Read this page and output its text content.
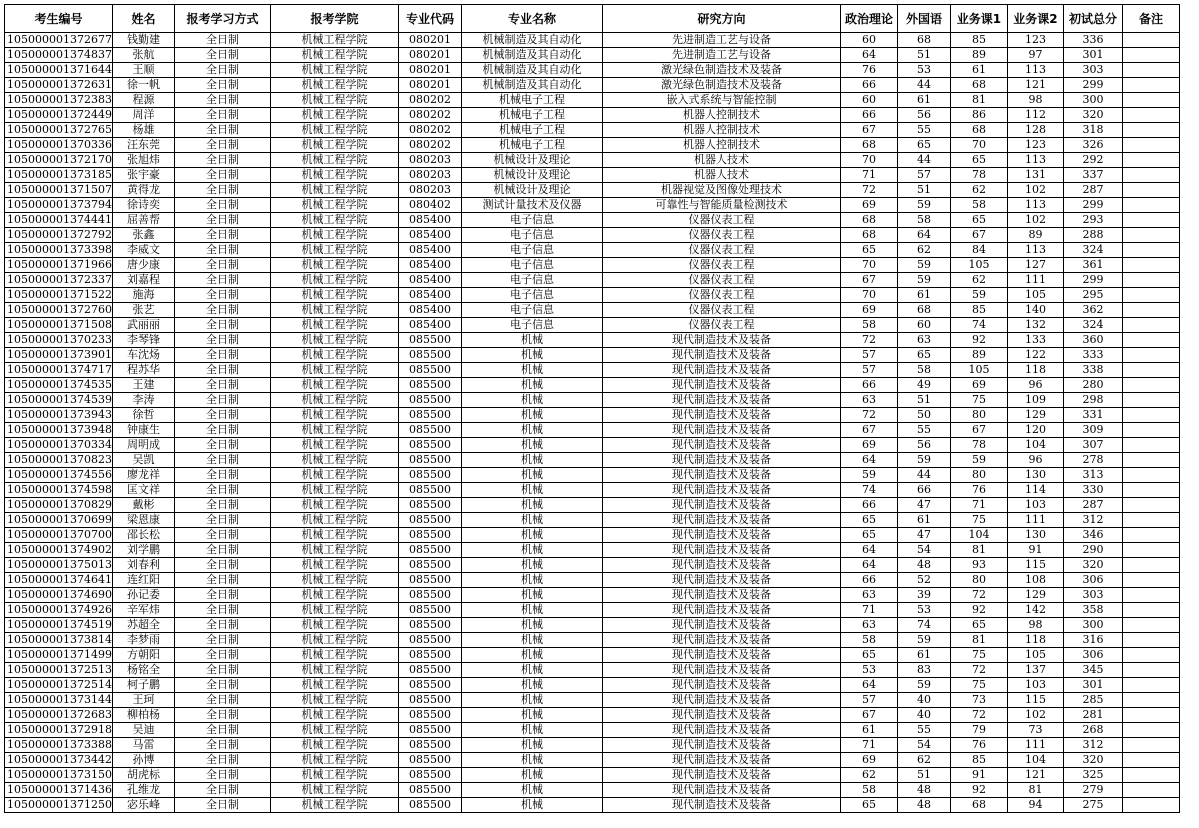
考生编号	姓名	报考学习方式	报考学院	专业代码	专业名称	研究方向	政治理论	外国语	业务课1	业务课2	初试总分	备注
105000001372677	钱勤建	全日制	机械工程学院	080201	机械制造及其自动化	先进制造工艺与设备	60	68	85	123	336	
105000001374837	张航	全日制	机械工程学院	080201	机械制造及其自动化	先进制造工艺与设备	64	51	89	97	301	
105000001371644	王顺	全日制	机械工程学院	080201	机械制造及其自动化	激光绿色制造技术及装备	76	53	61	113	303	
105000001372631	徐一帆	全日制	机械工程学院	080201	机械制造及其自动化	激光绿色制造技术及装备	66	44	68	121	299	
105000001372383	程源	全日制	机械工程学院	080202	机械电子工程	嵌入式系统与智能控制	60	61	81	98	300	
105000001372449	周洋	全日制	机械工程学院	080202	机械电子工程	机器人控制技术	66	56	86	112	320	
105000001372765	杨雄	全日制	机械工程学院	080202	机械电子工程	机器人控制技术	67	55	68	128	318	
105000001370336	汪东莞	全日制	机械工程学院	080202	机械电子工程	机器人控制技术	68	65	70	123	326	
105000001372170	张旭炜	全日制	机械工程学院	080203	机械设计及理论	机器人技术	70	44	65	113	292	
105000001373185	张宇豪	全日制	机械工程学院	080203	机械设计及理论	机器人技术	71	57	78	131	337	
105000001371507	黄得龙	全日制	机械工程学院	080203	机械设计及理论	机器视觉及图像处理技术	72	51	62	102	287	
105000001373794	徐诗奕	全日制	机械工程学院	080402	测试计量技术及仪器	可靠性与智能质量检测技术	69	59	58	113	299	
105000001374441	屈善帮	全日制	机械工程学院	085400	电子信息	仪器仪表工程	68	58	65	102	293	
105000001372792	张鑫	全日制	机械工程学院	085400	电子信息	仪器仪表工程	68	64	67	89	288	
105000001373398	李威文	全日制	机械工程学院	085400	电子信息	仪器仪表工程	65	62	84	113	324	
105000001371966	唐少康	全日制	机械工程学院	085400	电子信息	仪器仪表工程	70	59	105	127	361	
105000001372337	刘嘉程	全日制	机械工程学院	085400	电子信息	仪器仪表工程	67	59	62	111	299	
105000001371522	施海	全日制	机械工程学院	085400	电子信息	仪器仪表工程	70	61	59	105	295	
105000001372760	张艺	全日制	机械工程学院	085400	电子信息	仪器仪表工程	69	68	85	140	362	
105000001371508	武丽丽	全日制	机械工程学院	085400	电子信息	仪器仪表工程	58	60	74	132	324	
105000001370233	李琴锋	全日制	机械工程学院	085500	机械	现代制造技术及装备	72	63	92	133	360	
105000001373901	车沈炀	全日制	机械工程学院	085500	机械	现代制造技术及装备	57	65	89	122	333	
105000001374717	程苏华	全日制	机械工程学院	085500	机械	现代制造技术及装备	57	58	105	118	338	
105000001374535	王建	全日制	机械工程学院	085500	机械	现代制造技术及装备	66	49	69	96	280	
105000001374539	李涛	全日制	机械工程学院	085500	机械	现代制造技术及装备	63	51	75	109	298	
105000001373943	徐哲	全日制	机械工程学院	085500	机械	现代制造技术及装备	72	50	80	129	331	
105000001373948	钟康生	全日制	机械工程学院	085500	机械	现代制造技术及装备	67	55	67	120	309	
105000001370334	周明成	全日制	机械工程学院	085500	机械	现代制造技术及装备	69	56	78	104	307	
105000001370823	吴凯	全日制	机械工程学院	085500	机械	现代制造技术及装备	64	59	59	96	278	
105000001374556	廖龙祥	全日制	机械工程学院	085500	机械	现代制造技术及装备	59	44	80	130	313	
105000001374598	匡文祥	全日制	机械工程学院	085500	机械	现代制造技术及装备	74	66	76	114	330	
105000001370829	戴彬	全日制	机械工程学院	085500	机械	现代制造技术及装备	66	47	71	103	287	
105000001370699	梁恩康	全日制	机械工程学院	085500	机械	现代制造技术及装备	65	61	75	111	312	
105000001370700	邵长松	全日制	机械工程学院	085500	机械	现代制造技术及装备	65	47	104	130	346	
105000001374902	刘学鹏	全日制	机械工程学院	085500	机械	现代制造技术及装备	64	54	81	91	290	
105000001375013	刘春利	全日制	机械工程学院	085500	机械	现代制造技术及装备	64	48	93	115	320	
105000001374641	连红阳	全日制	机械工程学院	085500	机械	现代制造技术及装备	66	52	80	108	306	
105000001374690	孙记委	全日制	机械工程学院	085500	机械	现代制造技术及装备	63	39	72	129	303	
105000001374926	辛军炜	全日制	机械工程学院	085500	机械	现代制造技术及装备	71	53	92	142	358	
105000001374519	苏超全	全日制	机械工程学院	085500	机械	现代制造技术及装备	63	74	65	98	300	
105000001373814	李梦雨	全日制	机械工程学院	085500	机械	现代制造技术及装备	58	59	81	118	316	
105000001371499	方朝阳	全日制	机械工程学院	085500	机械	现代制造技术及装备	65	61	75	105	306	
105000001372513	杨铭全	全日制	机械工程学院	085500	机械	现代制造技术及装备	53	83	72	137	345	
105000001372514	柯子鹏	全日制	机械工程学院	085500	机械	现代制造技术及装备	64	59	75	103	301	
105000001373144	王珂	全日制	机械工程学院	085500	机械	现代制造技术及装备	57	40	73	115	285	
105000001372683	柳柏杨	全日制	机械工程学院	085500	机械	现代制造技术及装备	67	40	72	102	281	
105000001372918	吴迪	全日制	机械工程学院	085500	机械	现代制造技术及装备	61	55	79	73	268	
105000001373388	马雷	全日制	机械工程学院	085500	机械	现代制造技术及装备	71	54	76	111	312	
105000001373442	孙博	全日制	机械工程学院	085500	机械	现代制造技术及装备	69	62	85	104	320	
105000001373150	胡虎标	全日制	机械工程学院	085500	机械	现代制造技术及装备	62	51	91	121	325	
105000001371436	孔维龙	全日制	机械工程学院	085500	机械	现代制造技术及装备	58	48	92	81	279	
105000001371250	宓乐峰	全日制	机械工程学院	085500	机械	现代制造技术及装备	65	48	68	94	275	
